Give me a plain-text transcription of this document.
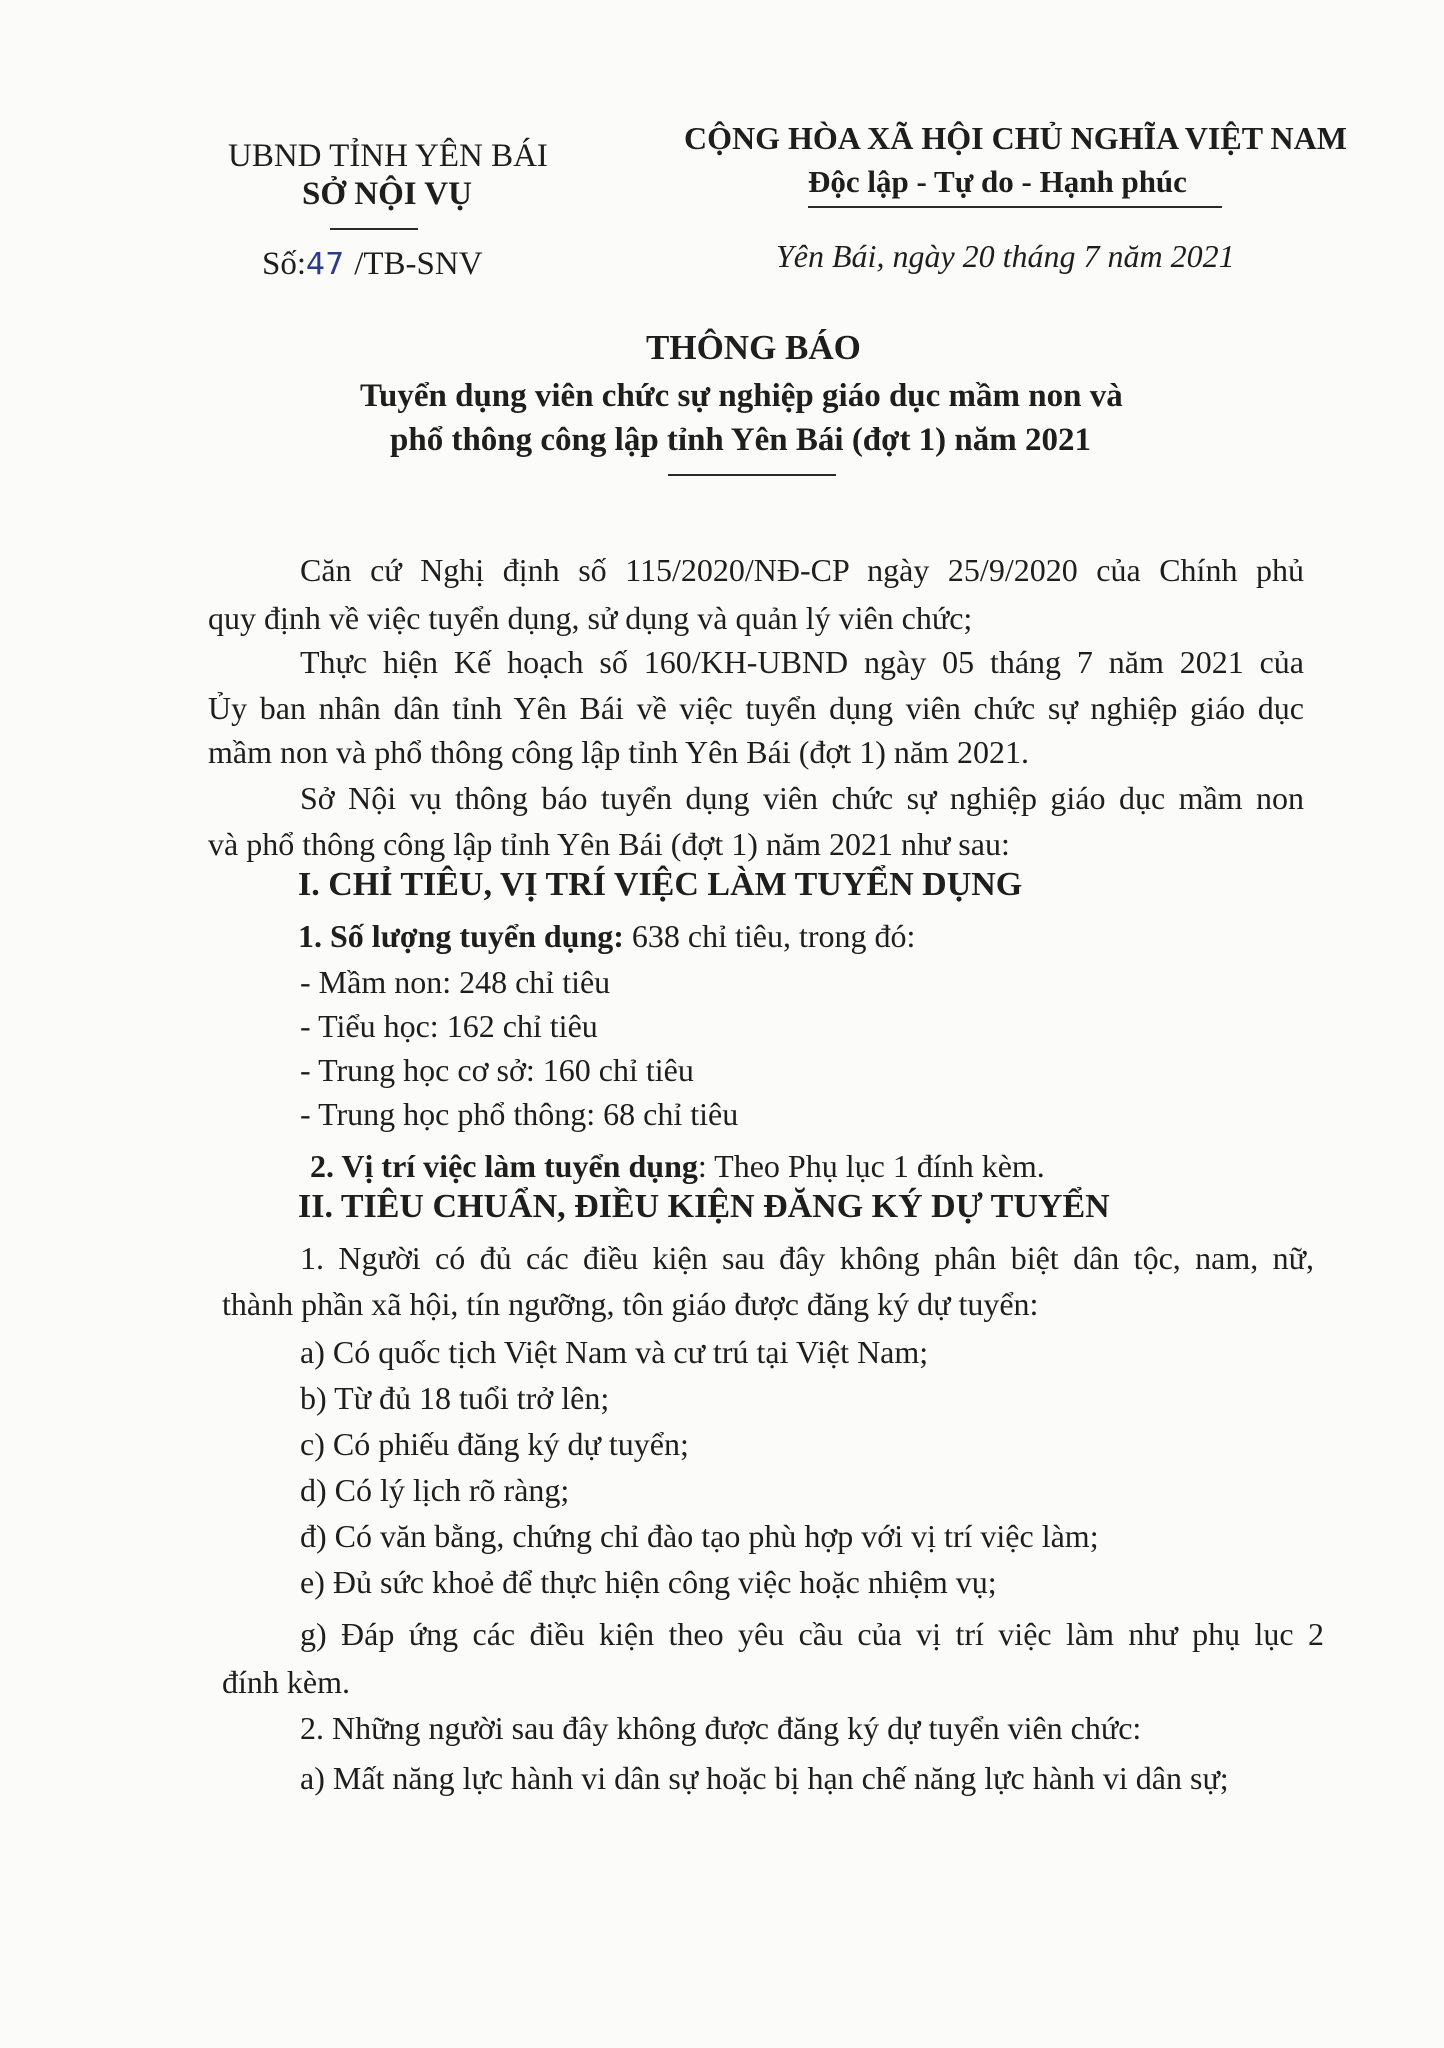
UBND TỈNH YÊN BÁI
SỞ NỘI VỤ
CỘNG HÒA XÃ HỘI CHỦ NGHĨA VIỆT NAM
Độc lập - Tự do - Hạnh phúc
Số:47 /TB-SNV	Yên Bái, ngày 20 tháng 7 năm 2021
THÔNG BÁO
Tuyển dụng viên chức sự nghiệp giáo dục mầm non và
phổ thông công lập tỉnh Yên Bái (đợt 1) năm 2021
Căn cứ Nghị định số 115/2020/NĐ-CP ngày 25/9/2020 của Chính phủ
quy định về việc tuyển dụng, sử dụng và quản lý viên chức;
Thực hiện Kế hoạch số 160/KH-UBND ngày 05 tháng 7 năm 2021 của
Ủy ban nhân dân tỉnh Yên Bái về việc tuyển dụng viên chức sự nghiệp giáo dục
mầm non và phổ thông công lập tỉnh Yên Bái (đợt 1) năm 2021.
Sở Nội vụ thông báo tuyển dụng viên chức sự nghiệp giáo dục mầm non
và phổ thông công lập tỉnh Yên Bái (đợt 1) năm 2021 như sau:
I. CHỈ TIÊU, VỊ TRÍ VIỆC LÀM TUYỂN DỤNG
1. Số lượng tuyển dụng: 638 chỉ tiêu, trong đó:
- Mầm non: 248 chỉ tiêu
- Tiểu học: 162 chỉ tiêu
- Trung học cơ sở: 160 chỉ tiêu
- Trung học phổ thông: 68 chỉ tiêu
2. Vị trí việc làm tuyển dụng: Theo Phụ lục 1 đính kèm.
II. TIÊU CHUẨN, ĐIỀU KIỆN ĐĂNG KÝ DỰ TUYỂN
1. Người có đủ các điều kiện sau đây không phân biệt dân tộc, nam, nữ,
thành phần xã hội, tín ngưỡng, tôn giáo được đăng ký dự tuyển:
a) Có quốc tịch Việt Nam và cư trú tại Việt Nam;
b) Từ đủ 18 tuổi trở lên;
c) Có phiếu đăng ký dự tuyển;
d) Có lý lịch rõ ràng;
đ) Có văn bằng, chứng chỉ đào tạo phù hợp với vị trí việc làm;
e) Đủ sức khoẻ để thực hiện công việc hoặc nhiệm vụ;
g) Đáp ứng các điều kiện theo yêu cầu của vị trí việc làm như phụ lục 2
đính kèm.
2. Những người sau đây không được đăng ký dự tuyển viên chức:
a) Mất năng lực hành vi dân sự hoặc bị hạn chế năng lực hành vi dân sự;
